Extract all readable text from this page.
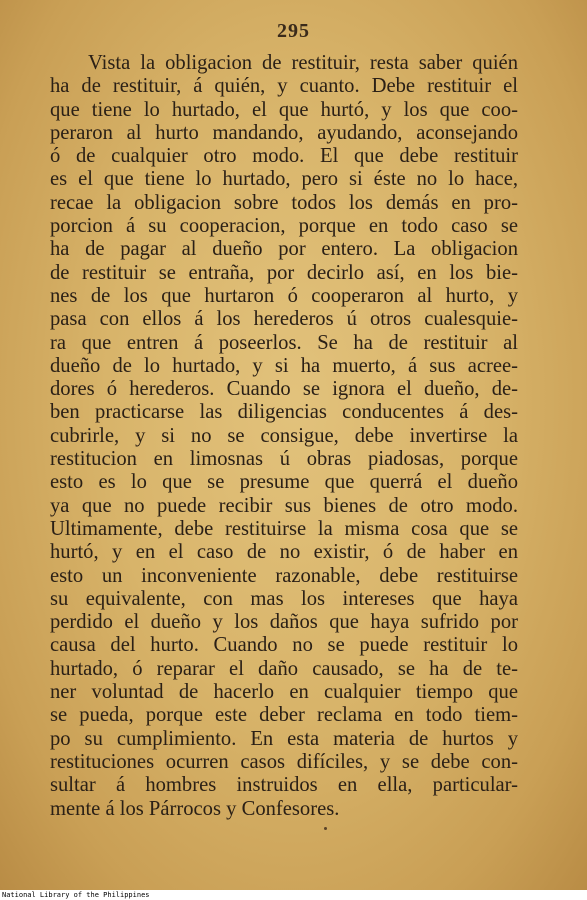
295
Vista la obligacion de restituir, resta saber quién
ha de restituir, á quién, y cuanto. Debe restituir el
que tiene lo hurtado, el que hurtó, y los que coo-
peraron al hurto mandando, ayudando, aconsejando
ó de cualquier otro modo. El que debe restituir
es el que tiene lo hurtado, pero si éste no lo hace,
recae la obligacion sobre todos los demás en pro-
porcion á su cooperacion, porque en todo caso se
ha de pagar al dueño por entero. La obligacion
de restituir se entraña, por decirlo así, en los bie-
nes de los que hurtaron ó cooperaron al hurto, y
pasa con ellos á los herederos ú otros cualesquie-
ra que entren á poseerlos. Se ha de restituir al
dueño de lo hurtado, y si ha muerto, á sus acree-
dores ó herederos. Cuando se ignora el dueño, de-
ben practicarse las diligencias conducentes á des-
cubrirle, y si no se consigue, debe invertirse la
restitucion en limosnas ú obras piadosas, porque
esto es lo que se presume que querrá el dueño
ya que no puede recibir sus bienes de otro modo.
Ultimamente, debe restituirse la misma cosa que se
hurtó, y en el caso de no existir, ó de haber en
esto un inconveniente razonable, debe restituirse
su equivalente, con mas los intereses que haya
perdido el dueño y los daños que haya sufrido por
causa del hurto. Cuando no se puede restituir lo
hurtado, ó reparar el daño causado, se ha de te-
ner voluntad de hacerlo en cualquier tiempo que
se pueda, porque este deber reclama en todo tiem-
po su cumplimiento. En esta materia de hurtos y
restituciones ocurren casos difíciles, y se debe con-
sultar á hombres instruidos en ella, particular-
mente á los Párrocos y Confesores.
National Library of the Philippines
